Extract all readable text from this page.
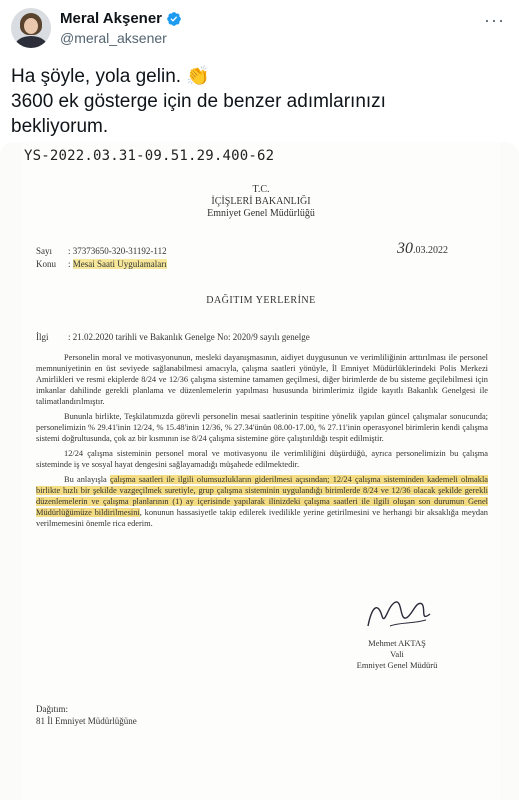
Meral Akşener
@meral_aksener
···
Ha şöyle, yola gelin. 👏
3600 ek gösterge için de benzer adımlarınızı
bekliyorum.
YS-2022.03.31-09.51.29.400-62
T.C.
İÇİŞLERİ BAKANLIĞI
Emniyet Genel Müdürlüğü
Sayı : 37373650-320-31192-112
Konu : Mesai Saati Uygulamaları
30.03.2022
DAĞITIM YERLERİNE
İlgi : 21.02.2020 tarihli ve Bakanlık Genelge No: 2020/9 sayılı genelge

Personelin moral ve motivasyonunun, mesleki dayanışmasının, aidiyet duygusunun ve verimliliğinin arttırılması ile personel memnuniyetinin en üst seviyede sağlanabilmesi amacıyla, çalışma saatleri yönüyle, İl Emniyet Müdürlüklerindeki Polis Merkezi Amirlikleri ve resmi ekiplerde 8/24 ve 12/36 çalışma sistemine tamamen geçilmesi, diğer birimlerde de bu sisteme geçilebilmesi için imkanlar dahilinde gerekli planlama ve düzenlemelerin yapılması hususunda birimlerimiz ilgide kayıtlı Bakanlık Genelgesi ile talimatlandırılmıştır.

Bununla birlikte, Teşkilatımızda görevli personelin mesai saatlerinin tespitine yönelik yapılan güncel çalışmalar sonucunda; personelimizin % 29.41'inin 12/24, % 15.48'inin 12/36, % 27.34'ünün 08.00-17.00, % 27.11'inin operasyonel birimlerin kendi çalışma sistemi doğrultusunda, çok az bir kısmının ise 8/24 çalışma sistemine göre çalıştırıldığı tespit edilmiştir.

12/24 çalışma sisteminin personel moral ve motivasyonu ile verimliliğini düşürdüğü, ayrıca personelimizin bu çalışma sisteminde iş ve sosyal hayat dengesini sağlayamadığı müşahede edilmektedir.

Bu anlayışla çalışma saatleri ile ilgili olumsuzlukların giderilmesi açısından; 12/24 çalışma sisteminden kademeli olmakla birlikte hızlı bir şekilde vazgeçilmek suretiyle, grup çalışma sisteminin uygulandığı birimlerde 8/24 ve 12/36 olacak şekilde gerekli düzenlemelerin ve çalışma planlarının (1) ay içerisinde yapılarak ilinizdeki çalışma saatleri ile ilgili oluşan son durumun Genel Müdürlüğümüze bildirilmesini, konunun hassasiyetle takip edilerek ivedilikle yerine getirilmesini ve herhangi bir aksaklığa meydan verilmemesini önemle rica ederim.

Mehmet AKTAŞ
Vali
Emniyet Genel Müdürü
Dağıtım:
81 İl Emniyet Müdürlüğüne
